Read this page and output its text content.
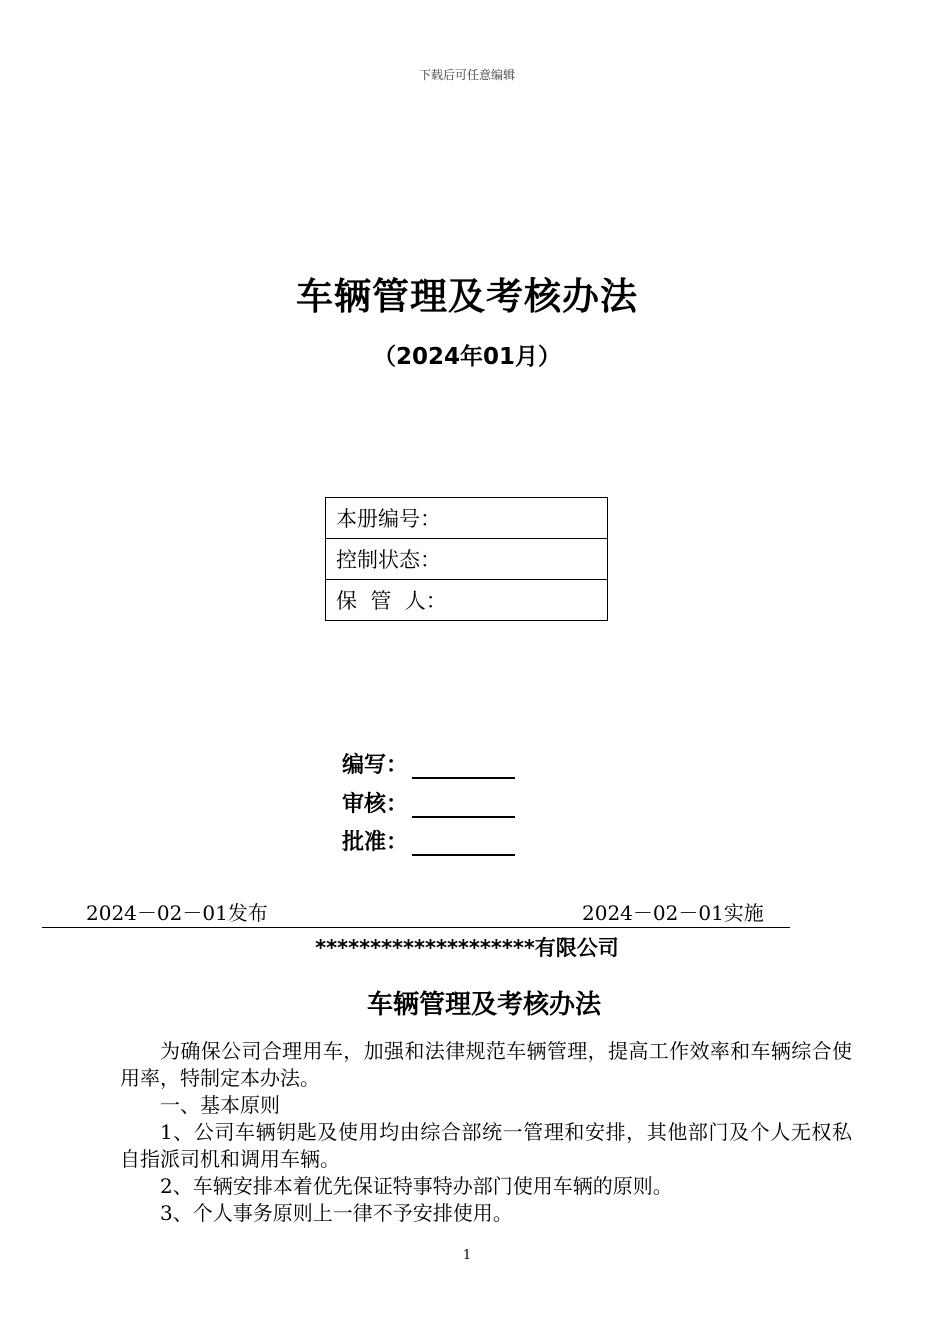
下载后可任意编辑
车辆管理及考核办法
（2024年01月）
本册编号：
控制状态：
保  管  人：
编写：
审核：
批准：
2024－02－01发布	2024－02－01实施
********************有限公司
车辆管理及考核办法

为确保公司合理用车，加强和法律规范车辆管理，提高工作效率和车辆综合使用率，特制定本办法。

一、基本原则

1、公司车辆钥匙及使用均由综合部统一管理和安排，其他部门及个人无权私自指派司机和调用车辆。

2、车辆安排本着优先保证特事特办部门使用车辆的原则。

3、个人事务原则上一律不予安排使用。

1
